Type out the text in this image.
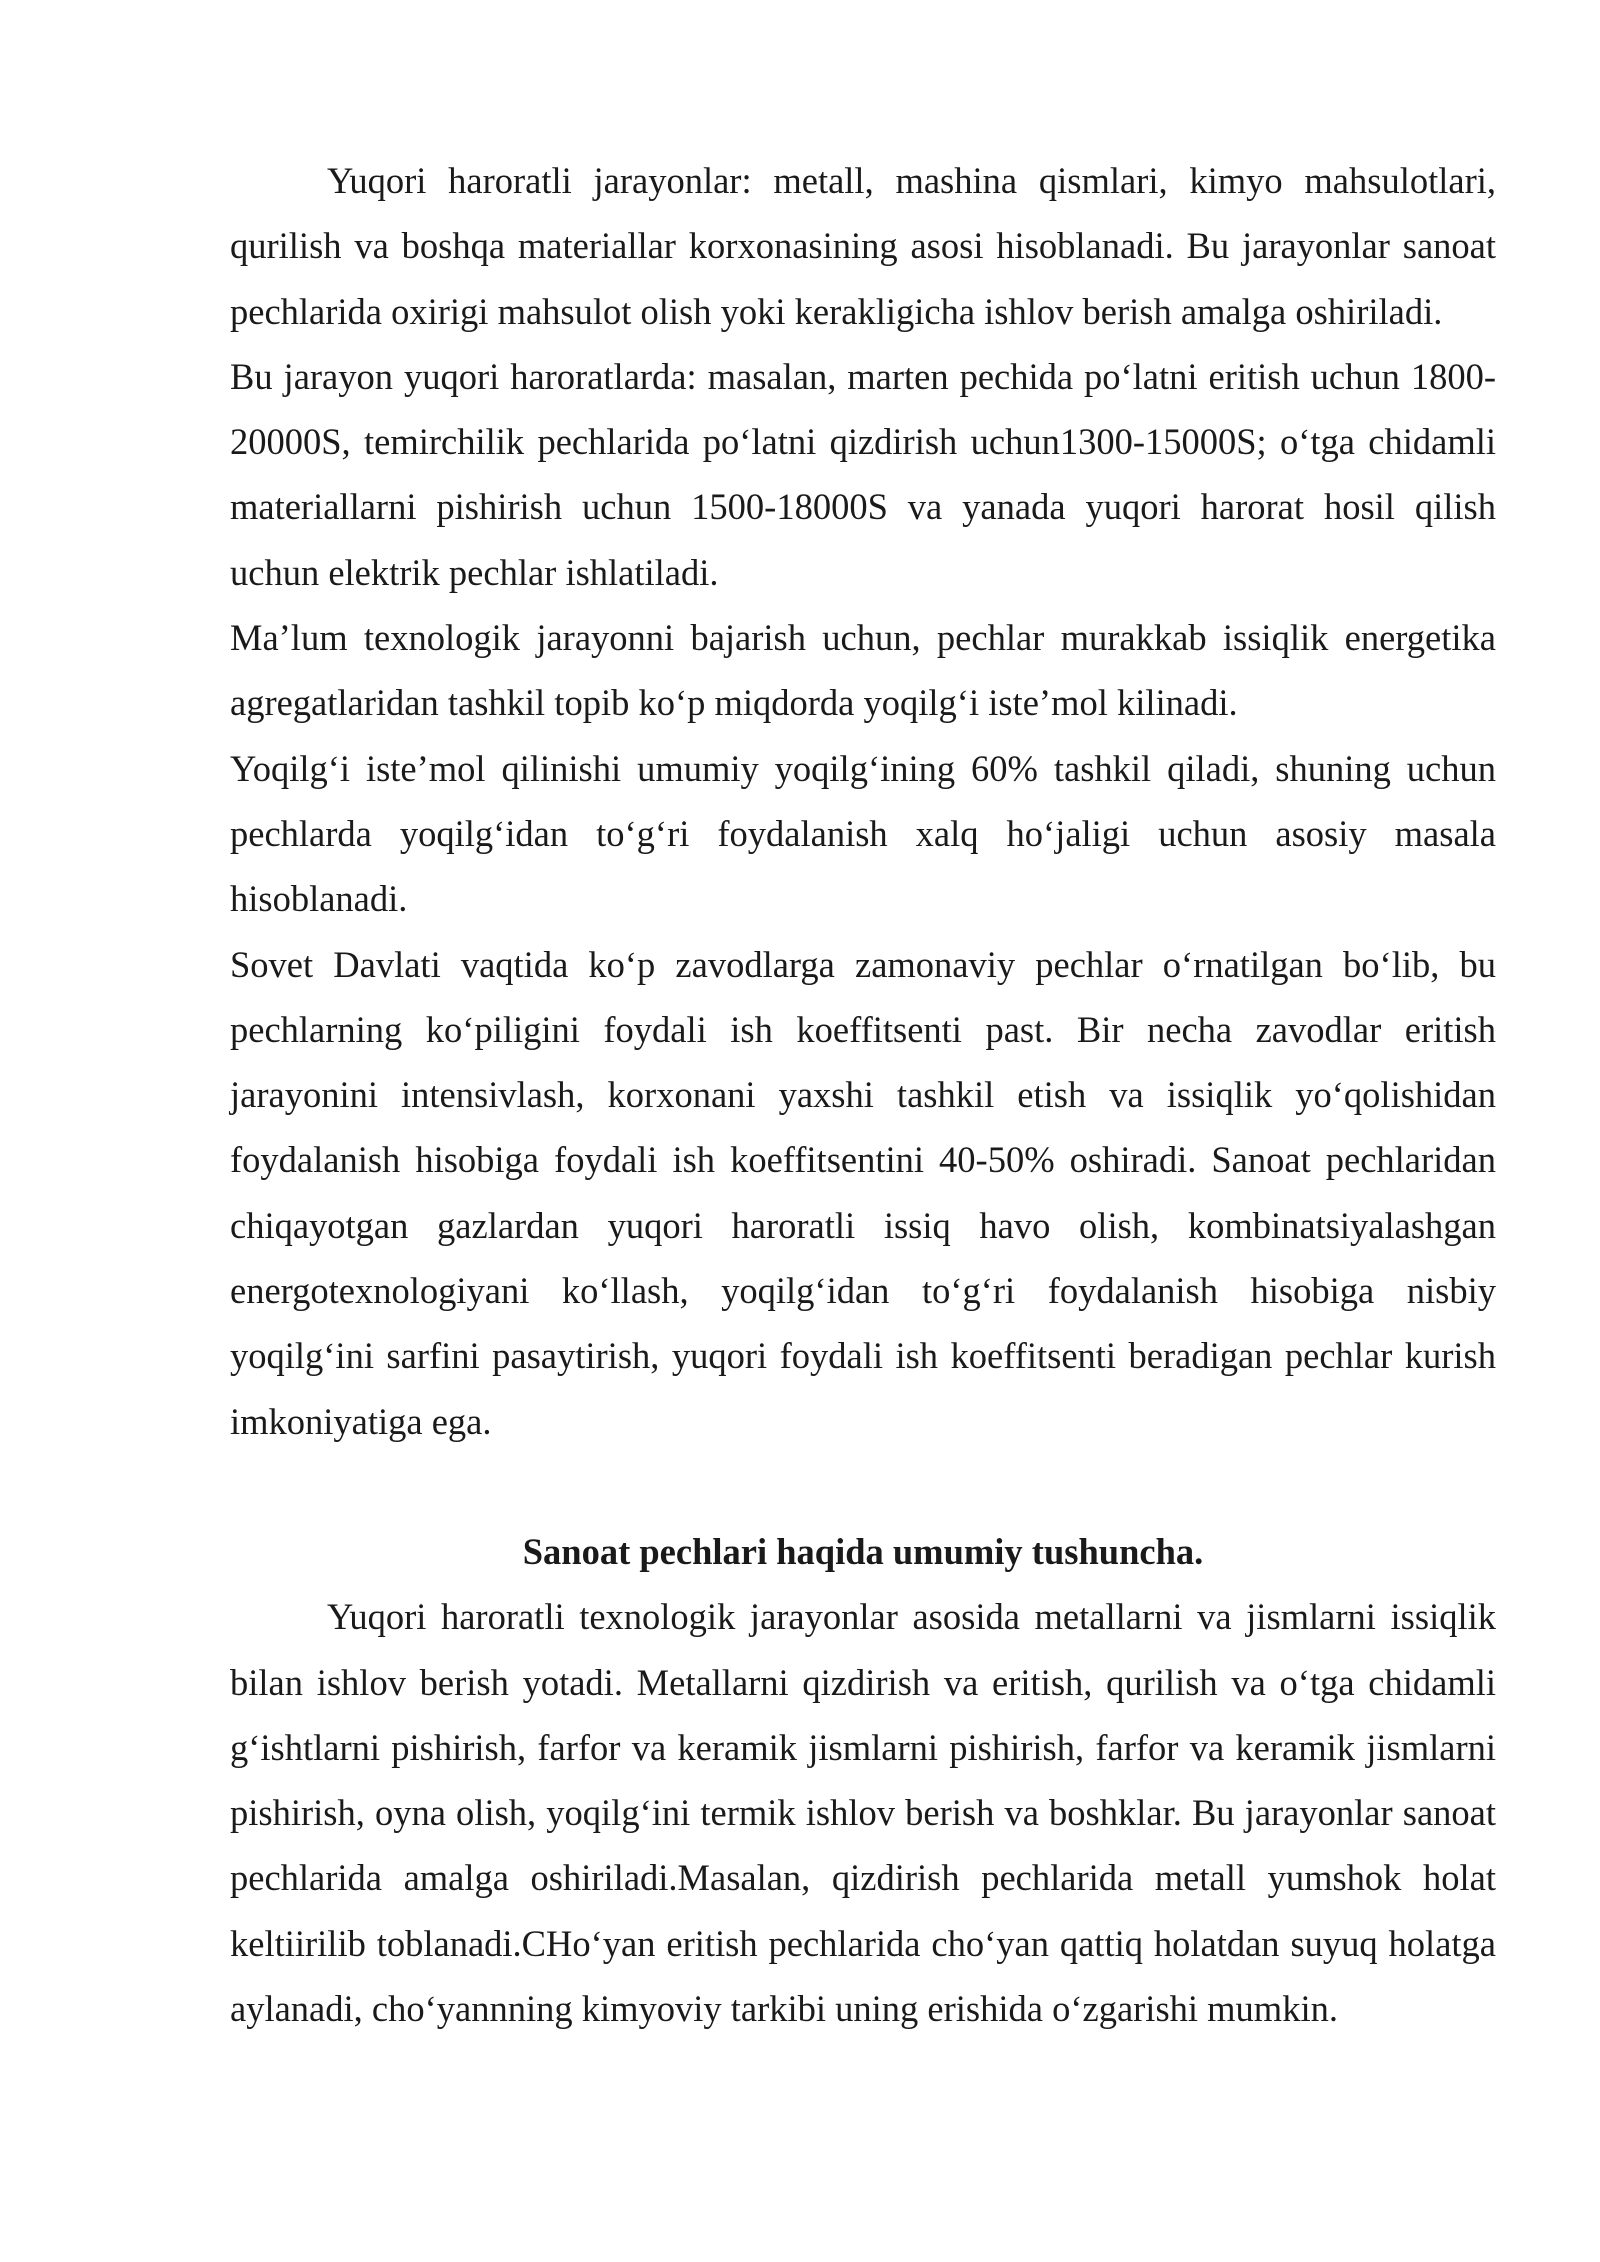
Yuqori haroratli jarayonlar: metall, mashina qismlari, kimyo mahsulotlari, qurilish va boshqa materiallar korxonasining asosi hisoblanadi. Bu jarayonlar sanoat pechlarida oxirigi mahsulot olish yoki kerakligicha ishlov berish amalga oshiriladi.

Bu jarayon yuqori haroratlarda: masalan, marten pechida po‘latni eritish uchun 1800-20000S, temirchilik pechlarida po‘latni qizdirish uchun1300-15000S; o‘tga chidamli materiallarni pishirish uchun 1500-18000S va yanada yuqori harorat hosil qilish uchun elektrik pechlar ishlatiladi.

Ma’lum texnologik jarayonni bajarish uchun, pechlar murakkab issiqlik energetika agregatlaridan tashkil topib ko‘p miqdorda yoqilg‘i iste’mol kilinadi.

Yoqilg‘i iste’mol qilinishi umumiy yoqilg‘ining 60% tashkil qiladi, shuning uchun pechlarda yoqilg‘idan to‘g‘ri foydalanish xalq ho‘jaligi uchun asosiy masala hisoblanadi.

Sovet Davlati vaqtida ko‘p zavodlarga zamonaviy pechlar o‘rnatilgan bo‘lib, bu pechlarning ko‘piligini foydali ish koeffitsenti past. Bir necha zavodlar eritish jarayonini intensivlash, korxonani yaxshi tashkil etish va issiqlik yo‘qolishidan foydalanish hisobiga foydali ish koeffitsentini 40-50% oshiradi. Sanoat pechlaridan chiqayotgan gazlardan yuqori haroratli issiq havo olish, kombinatsiyalashgan energotexnologiyani ko‘llash, yoqilg‘idan to‘g‘ri foydalanish hisobiga nisbiy yoqilg‘ini sarfini pasaytirish, yuqori foydali ish koeffitsenti beradigan pechlar kurish imkoniyatiga ega.

Sanoat pechlari haqida umumiy tushuncha.

Yuqori haroratli texnologik jarayonlar asosida metallarni va jismlarni issiqlik bilan ishlov berish yotadi. Metallarni qizdirish va eritish, qurilish va o‘tga chidamli g‘ishtlarni pishirish, farfor va keramik jismlarni pishirish, farfor va keramik jismlarni pishirish, oyna olish, yoqilg‘ini termik ishlov berish va boshklar. Bu jarayonlar sanoat pechlarida amalga oshiriladi.Masalan, qizdirish pechlarida metall yumshok holat keltiirilib toblanadi.CHo‘yan eritish pechlarida cho‘yan qattiq holatdan suyuq holatga aylanadi, cho‘yannning kimyoviy tarkibi uning erishida o‘zgarishi mumkin.
